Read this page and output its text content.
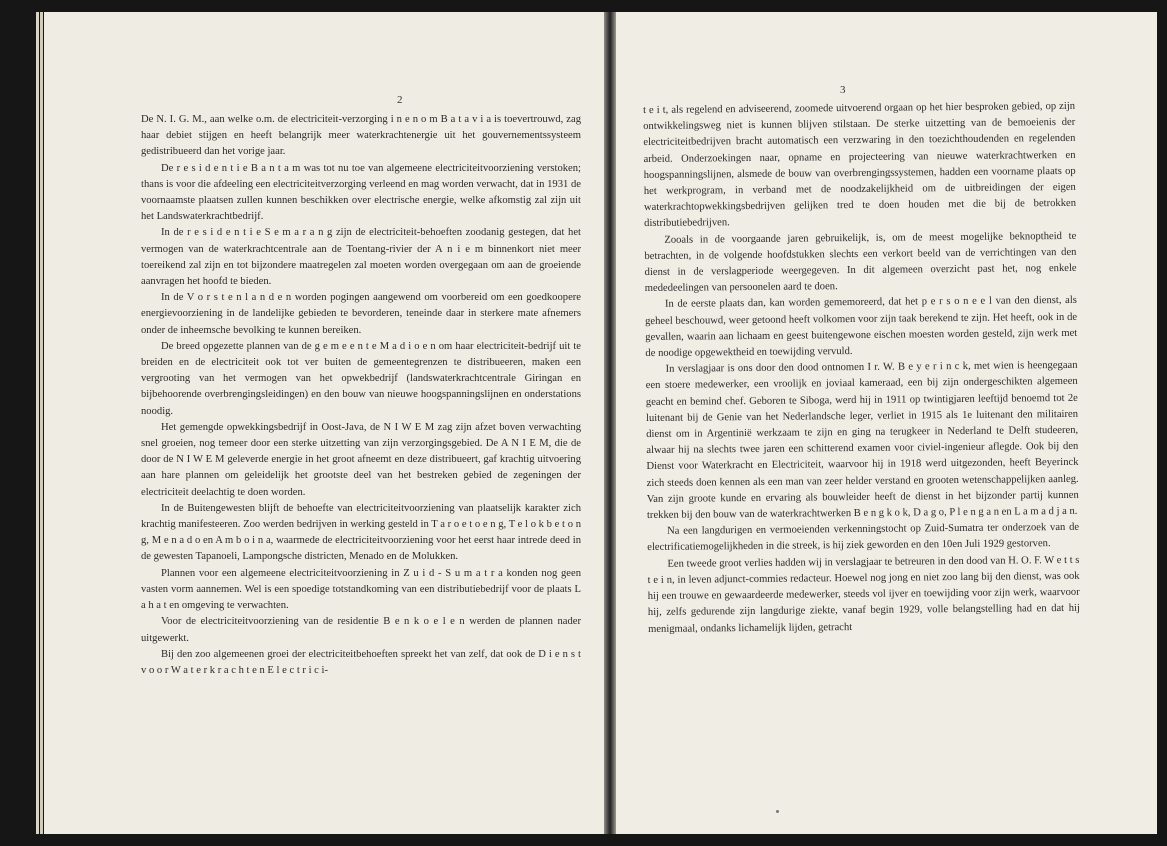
2

De N. I. G. M., aan welke o.m. de electriciteit-verzorging i n e n o m B a t a v i a is toevertrouwd, zag haar debiet stijgen en heeft belangrijk meer waterkrachtenergie uit het gouvernementssysteem gedistribueerd dan het vorige jaar.

De r e s i d e n t i e B a n t a m was tot nu toe van algemeene electriciteitvoorziening verstoken; thans is voor die afdeeling een electriciteitverzorging verleend en mag worden verwacht, dat in 1931 de voornaamste plaatsen zullen kunnen beschikken over electrische energie, welke afkomstig zal zijn uit het Landswaterkrachtbedrijf.

In de r e s i d e n t i e S e m a r a n g zijn de electriciteit-behoeften zoodanig gestegen, dat het vermogen van de waterkrachtcentrale aan de Toentang-rivier der A n i e m binnenkort niet meer toereikend zal zijn en tot bijzondere maatregelen zal moeten worden overgegaan om aan de groeiende aanvragen het hoofd te bieden.

In de V o r s t e n l a n d e n worden pogingen aangewend om voorbereid om een goedkoopere energievoorziening in de landelijke gebieden te bevorderen, teneinde daar in sterkere mate afnemers onder de inheemsche bevolking te kunnen bereiken.

De breed opgezette plannen van de g e m e e n t e M a d i o e n om haar electriciteit-bedrijf uit te breiden en de electriciteit ook tot ver buiten de gemeentegrenzen te distribueeren, maken een vergrooting van het vermogen van het opwekbedrijf (landswaterkrachtcentrale Giringan en bijbehoorende overbrengingsleidingen) en den bouw van nieuwe hoogspanningslijnen en onderstations noodig.

Het gemengde opwekkingsbedrijf in Oost-Java, de N I W E M zag zijn afzet boven verwachting snel groeien, nog temeer door een sterke uitzetting van zijn verzorgingsgebied. De A N I E M, die de door de N I W E M geleverde energie in het groot afneemt en deze distribueert, gaf krachtig uitvoering aan hare plannen om geleidelijk het grootste deel van het bestreken gebied de zegeningen der electriciteit deelachtig te doen worden.

In de Buitengewesten blijft de behoefte van electriciteitvoorziening van plaatselijk karakter zich krachtig manifesteeren. Zoo werden bedrijven in werking gesteld in T a r o e t o e n g, T e l o k b e t o n g, M e n a d o en A m b o i n a, waarmede de electriciteitvoorziening voor het eerst haar intrede deed in de gewesten Tapanoeli, Lampongsche districten, Menado en de Molukken.

Plannen voor een algemeene electriciteitvoorziening in Z u i d - S u m a t r a konden nog geen vasten vorm aannemen. Wel is een spoedige totstandkoming van een distributiebedrijf voor de plaats L a h a t en omgeving te verwachten.

Voor de electriciteitvoorziening van de residentie B e n k o e l e n werden de plannen nader uitgewerkt.

Bij den zoo algemeenen groei der electriciteitbehoeften spreekt het van zelf, dat ook de D i e n s t v o o r W a t e r k r a c h t e n E l e c t r i c i-

3

t e i t, als regelend en adviseerend, zoomede uitvoerend orgaan op het hier besproken gebied, op zijn ontwikkelingsweg niet is kunnen blijven stilstaan. De sterke uitzetting van de bemoeienis der electriciteitbedrijven bracht automatisch een verzwaring in den toezichthoudenden en regelenden arbeid. Onderzoekingen naar, opname en projecteering van nieuwe waterkrachtwerken en hoogspanningslijnen, alsmede de bouw van overbrengingssystemen, hadden een voorname plaats op het werkprogram, in verband met de noodzakelijkheid om de uitbreidingen der eigen waterkrachtopwekkingsbedrijven gelijken tred te doen houden met die bij de betrokken distributiebedrijven.

Zooals in de voorgaande jaren gebruikelijk, is, om de meest mogelijke beknoptheid te betrachten, in de volgende hoofdstukken slechts een verkort beeld van de verrichtingen van den dienst in de verslagperiode weergegeven. In dit algemeen overzicht past het, nog enkele mededeelingen van persoonelen aard te doen.

In de eerste plaats dan, kan worden gememoreerd, dat het p e r s o n e e l van den dienst, als geheel beschouwd, weer getoond heeft volkomen voor zijn taak berekend te zijn. Het heeft, ook in de gevallen, waarin aan lichaam en geest buitengewone eischen moesten worden gesteld, zijn werk met de noodige opgewektheid en toewijding vervuld.

In verslagjaar is ons door den dood ontnomen I r. W. B e y e r i n c k, met wien is heengegaan een stoere medewerker, een vroolijk en joviaal kameraad, een bij zijn ondergeschikten algemeen geacht en bemind chef. Geboren te Siboga, werd hij in 1911 op twintigjaren leeftijd benoemd tot 2e luitenant bij de Genie van het Nederlandsche leger, verliet in 1915 als 1e luitenant den militairen dienst om in Argentinië werkzaam te zijn en ging na terugkeer in Nederland te Delft studeeren, alwaar hij na slechts twee jaren een schitterend examen voor civiel-ingenieur aflegde. Ook bij den Dienst voor Waterkracht en Electriciteit, waarvoor hij in 1918 werd uitgezonden, heeft Beyerinck zich steeds doen kennen als een man van zeer helder verstand en grooten wetenschappelijken aanleg. Van zijn groote kunde en ervaring als bouwleider heeft de dienst in het bijzonder partij kunnen trekken bij den bouw van de waterkrachtwerken B e n g k o k, D a g o, P l e n g a n en L a m a d j a n.

Na een langdurigen en vermoeienden verkenningstocht op Zuid-Sumatra ter onderzoek van de electrificatiemogelijkheden in die streek, is hij ziek geworden en den 10en Juli 1929 gestorven.

Een tweede groot verlies hadden wij in verslagjaar te betreuren in den dood van H. O. F. W e t t s t e i n, in leven adjunct-commies redacteur. Hoewel nog jong en niet zoo lang bij den dienst, was ook hij een trouwe en gewaardeerde medewerker, steeds vol ijver en toewijding voor zijn werk, waarvoor hij, zelfs gedurende zijn langdurige ziekte, vanaf begin 1929, volle belangstelling had en dat hij menigmaal, ondanks lichamelijk lijden, getracht
